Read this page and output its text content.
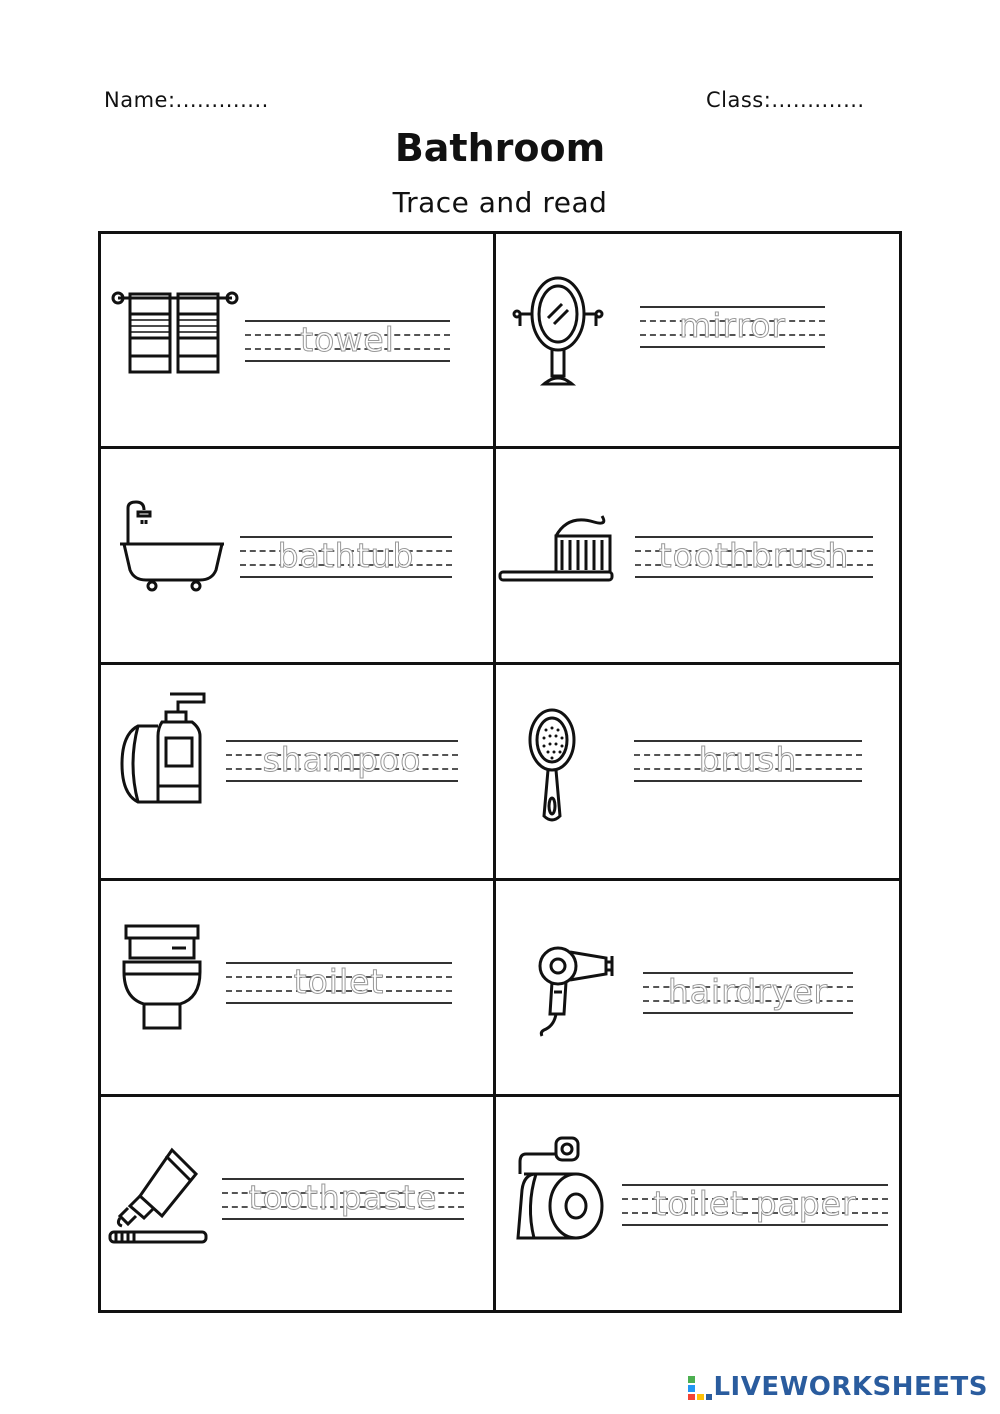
Name:.............	Class:.............
Bathroom
Trace and read
towel	mirror
bathtub	toothbrush
shampoo	brush
toilet	hairdryer
toothpaste	toilet paper
LIVEWORKSHEETS
